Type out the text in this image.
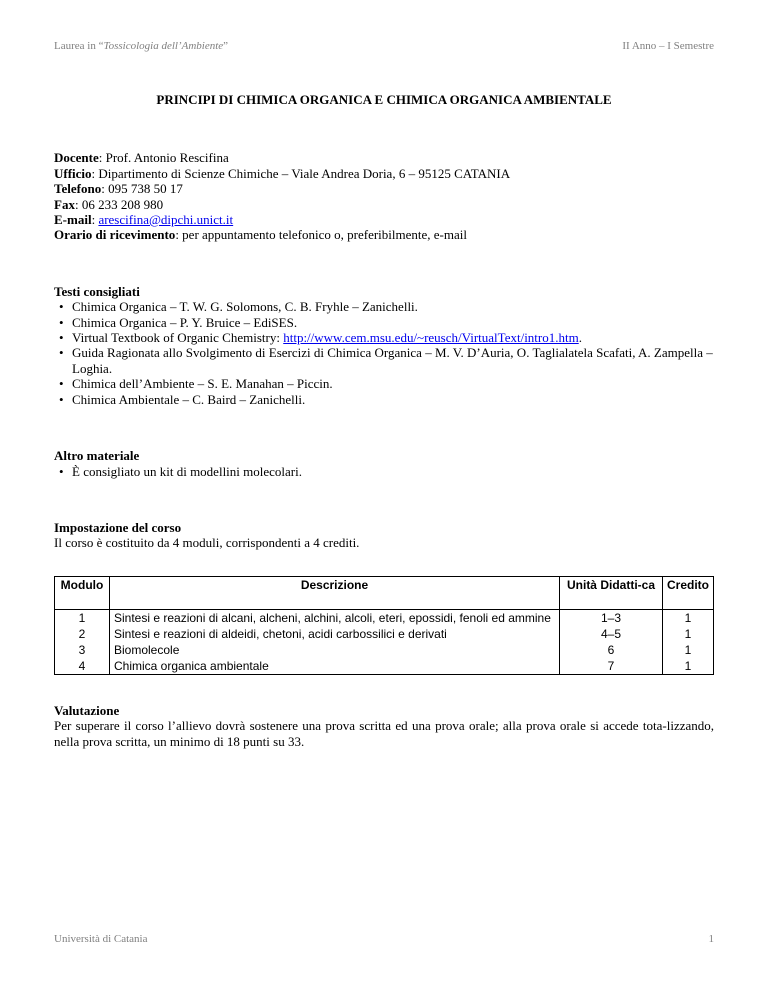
Laurea in “Tossicologia dell’Ambiente”	II Anno – I Semestre

PRINCIPI DI CHIMICA ORGANICA E CHIMICA ORGANICA AMBIENTALE

Docente: Prof. Antonio Rescifina
Ufficio: Dipartimento di Scienze Chimiche – Viale Andrea Doria, 6 – 95125 CATANIA
Telefono: 095 738 50 17
Fax: 06 233 208 980
E-mail: arescifina@dipchi.unict.it
Orario di ricevimento: per appuntamento telefonico o, preferibilmente, e-mail
Testi consigliati
• Chimica Organica – T. W. G. Solomons, C. B. Fryhle – Zanichelli.
• Chimica Organica – P. Y. Bruice – EdiSES.
• Virtual Textbook of Organic Chemistry: http://www.cem.msu.edu/~reusch/VirtualText/intro1.htm.
• Guida Ragionata allo Svolgimento di Esercizi di Chimica Organica – M. V. D’Auria, O. Taglialatela Scafati, A. Zampella – Loghia.
• Chimica dell’Ambiente – S. E. Manahan – Piccin.
• Chimica Ambientale – C. Baird – Zanichelli.
Altro materiale
• È consigliato un kit di modellini molecolari.
Impostazione del corso
Il corso è costituito da 4 moduli, corrispondenti a 4 crediti.
Modulo	Descrizione	Unità Didatti-ca	Credito
1	Sintesi e reazioni di alcani, alcheni, alchini, alcoli, eteri, epossidi, fenoli ed ammine	1–3	1
2	Sintesi e reazioni di aldeidi, chetoni, acidi carbossilici e derivati	4–5	1
3	Biomolecole	6	1
4	Chimica organica ambientale	7	1
Valutazione
Per superare il corso l’allievo dovrà sostenere una prova scritta ed una prova orale; alla prova orale si accede tota-lizzando, nella prova scritta, un minimo di 18 punti su 33.
Università di Catania	1
